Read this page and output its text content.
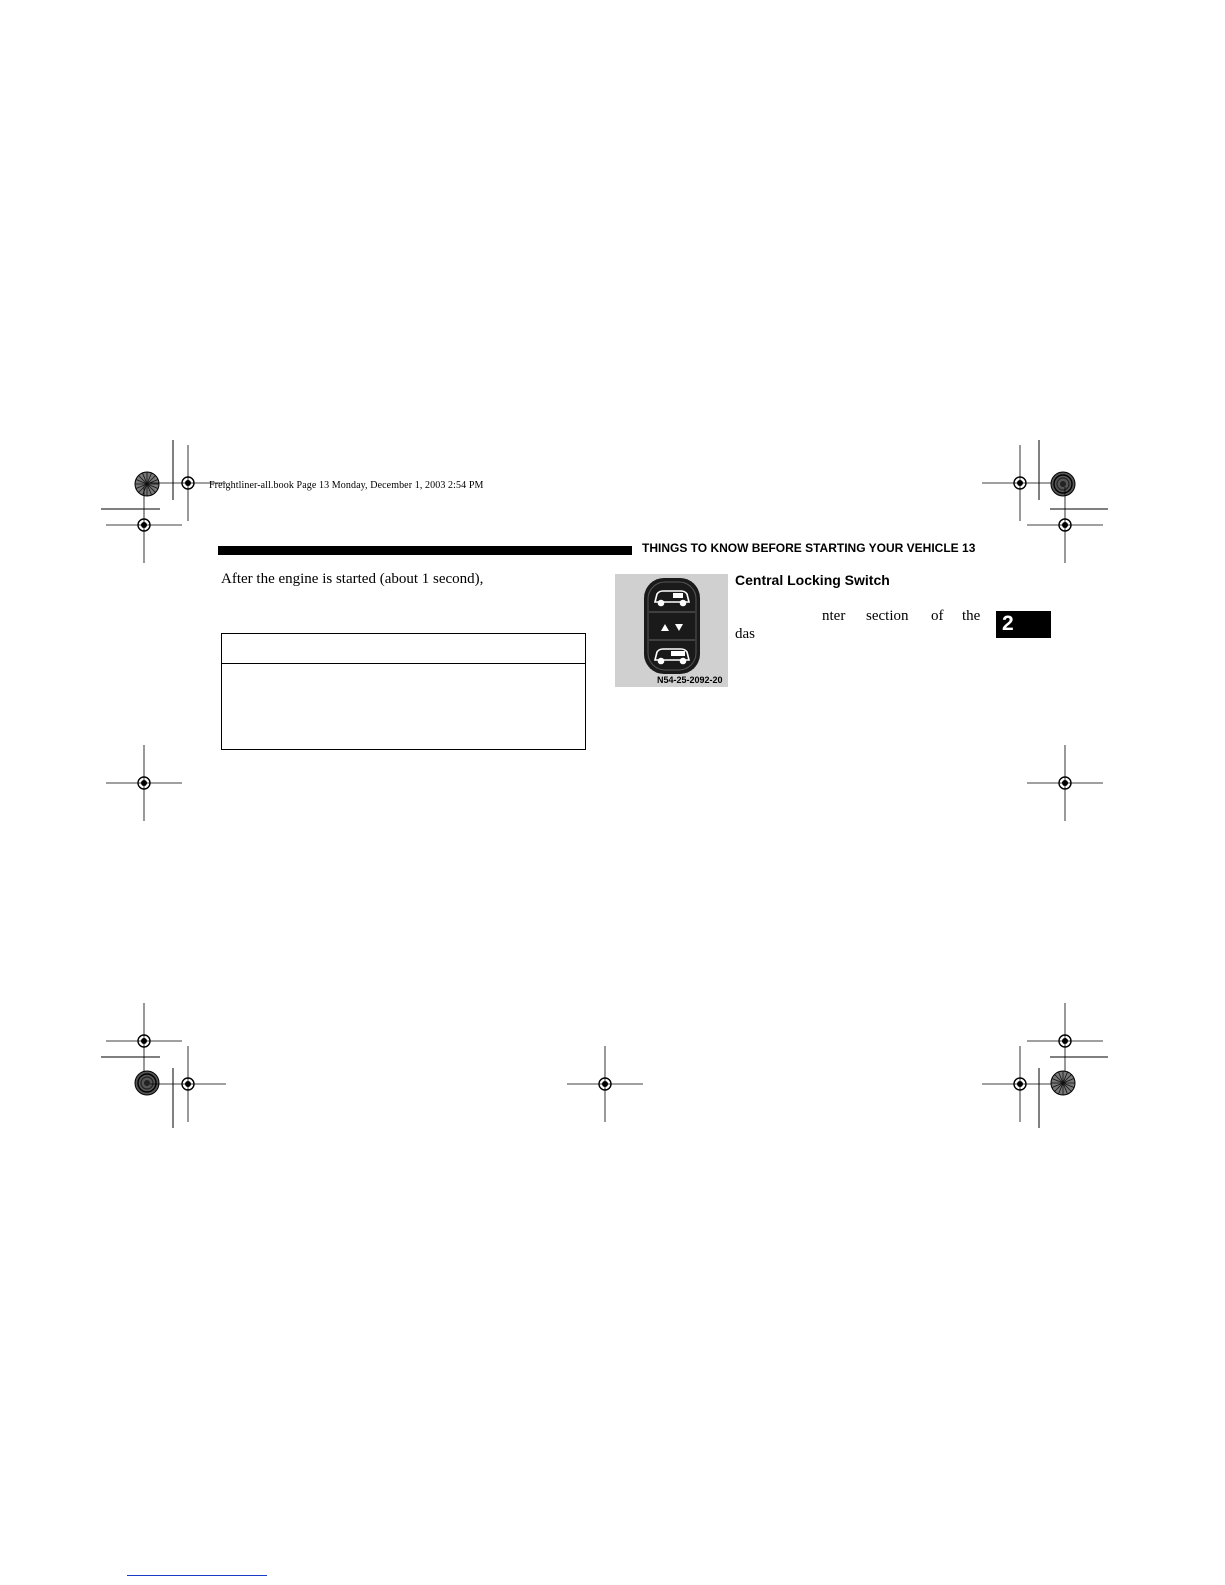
Freightliner-all.book Page 13 Monday, December 1, 2003 2:54 PM
THINGS TO KNOW BEFORE STARTING YOUR VEHICLE 13
After the engine is started (about 1 second),
N54-25-2092-20
Central Locking Switch
nter section of the
das	2
